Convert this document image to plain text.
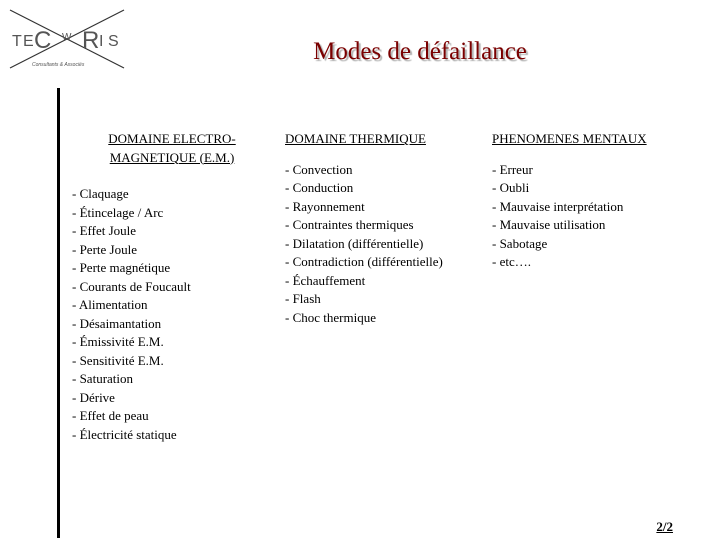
T E C W R I S
Consultants & Associés	Modes de défaillance
DOMAINE ELECTRO-
MAGNETIQUE (E.M.)
- Claquage
- Étincelage / Arc
- Effet Joule
- Perte Joule
- Perte magnétique
- Courants de Foucault
- Alimentation
- Désaimantation
- Émissivité E.M.
- Sensitivité E.M.
- Saturation
- Dérive
- Effet de peau
- Électricité statique
DOMAINE THERMIQUE
- Convection
- Conduction
- Rayonnement
- Contraintes thermiques
- Dilatation (différentielle)
- Contradiction (différentielle)
- Échauffement
- Flash
- Choc thermique
PHENOMENES MENTAUX
- Erreur
- Oubli
- Mauvaise interprétation
- Mauvaise utilisation
- Sabotage
- etc….
2/2
